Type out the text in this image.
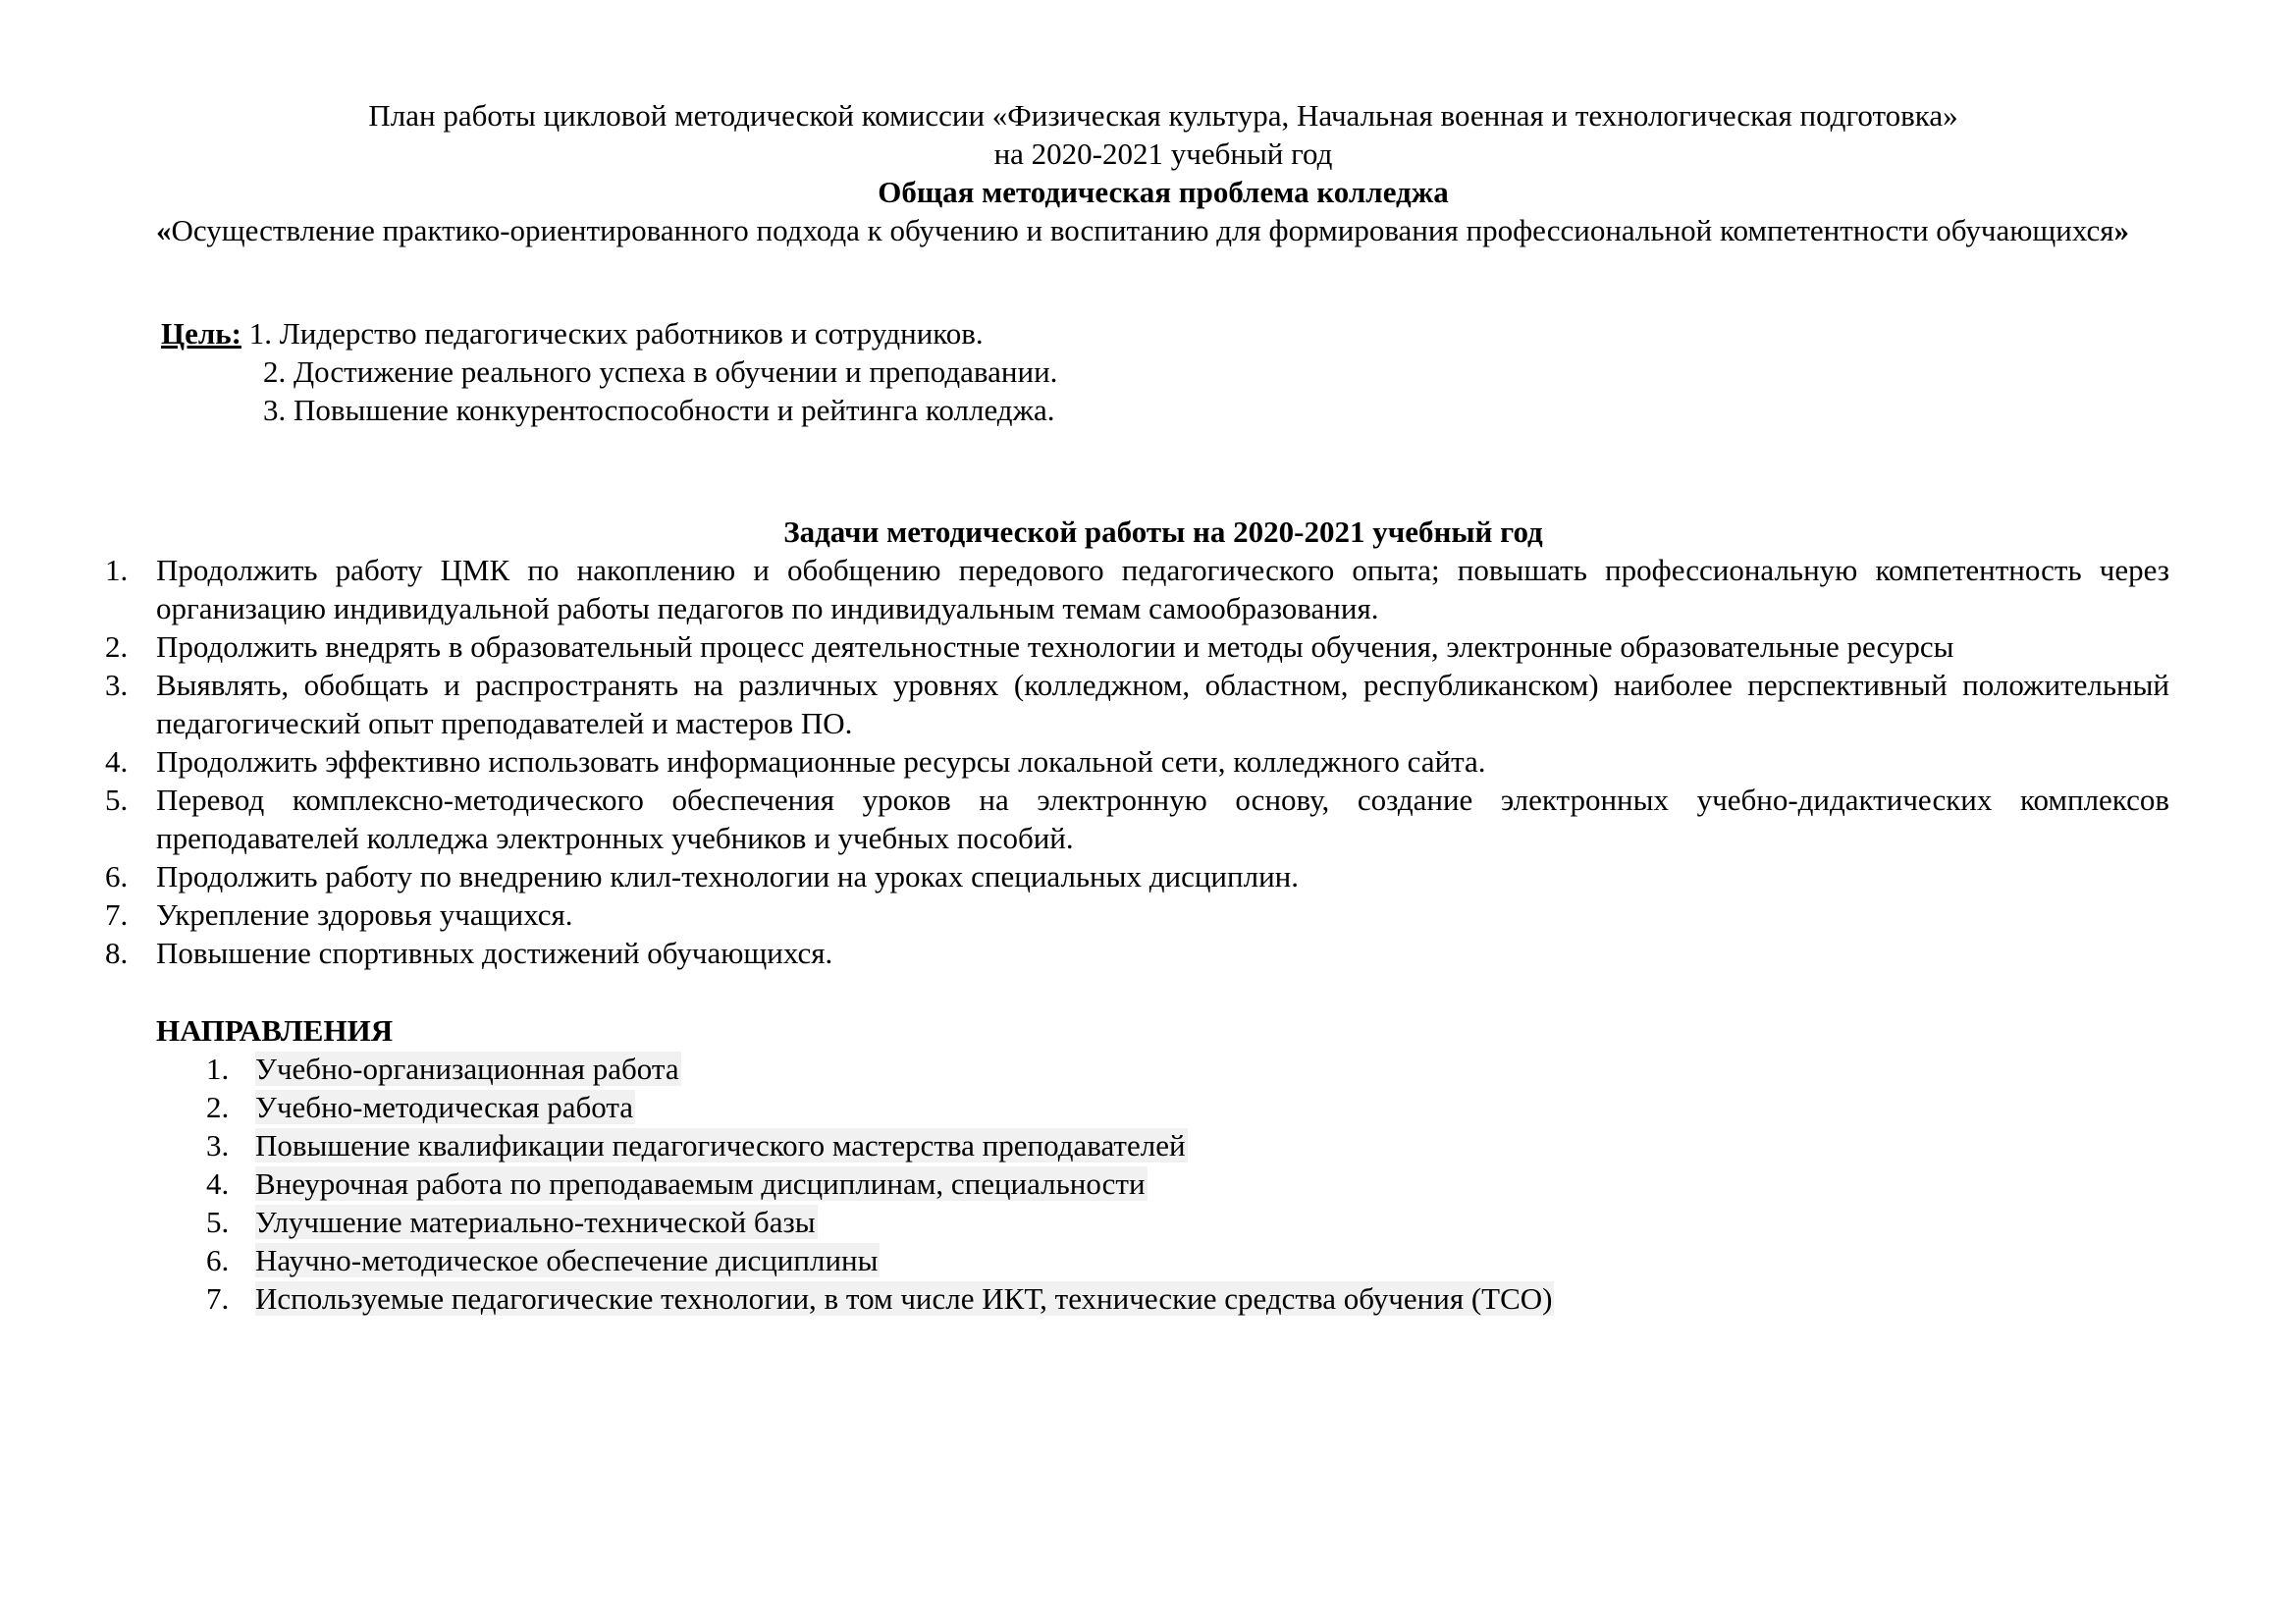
План работы цикловой методической комиссии «Физическая культура, Начальная военная и технологическая подготовка»
на 2020-2021 учебный год
Общая методическая проблема колледжа
«Осуществление практико-ориентированного подхода к обучению и воспитанию для формирования профессиональной компетентности обучающихся»
Цель: 1. Лидерство педагогических работников и сотрудников.
2. Достижение реального успеха в обучении и преподавании.
3. Повышение конкурентоспособности и рейтинга колледжа.
Задачи методической работы на 2020-2021 учебный год
1. Продолжить работу ЦМК по накоплению и обобщению передового педагогического опыта; повышать профессиональную компетентность через организацию индивидуальной работы педагогов по индивидуальным темам самообразования.
2. Продолжить внедрять в образовательный процесс деятельностные технологии и методы обучения, электронные образовательные ресурсы
3. Выявлять, обобщать и распространять на различных уровнях (колледжном, областном, республиканском) наиболее перспективный положительный педагогический опыт преподавателей и мастеров ПО.
4. Продолжить эффективно использовать информационные ресурсы локальной сети, колледжного сайта.
5. Перевод комплексно-методического обеспечения уроков на электронную основу, создание электронных учебно-дидактических комплексов преподавателей колледжа электронных учебников и учебных пособий.
6. Продолжить работу по внедрению клил-технологии на уроках специальных дисциплин.
7. Укрепление здоровья учащихся.
8. Повышение спортивных достижений обучающихся.
НАПРАВЛЕНИЯ
1. Учебно-организационная работа
2. Учебно-методическая работа
3. Повышение квалификации педагогического мастерства преподавателей
4. Внеурочная работа по преподаваемым дисциплинам, специальности
5. Улучшение материально-технической базы
6. Научно-методическое обеспечение дисциплины
7. Используемые педагогические технологии, в том числе ИКТ, технические средства обучения (ТСО)
